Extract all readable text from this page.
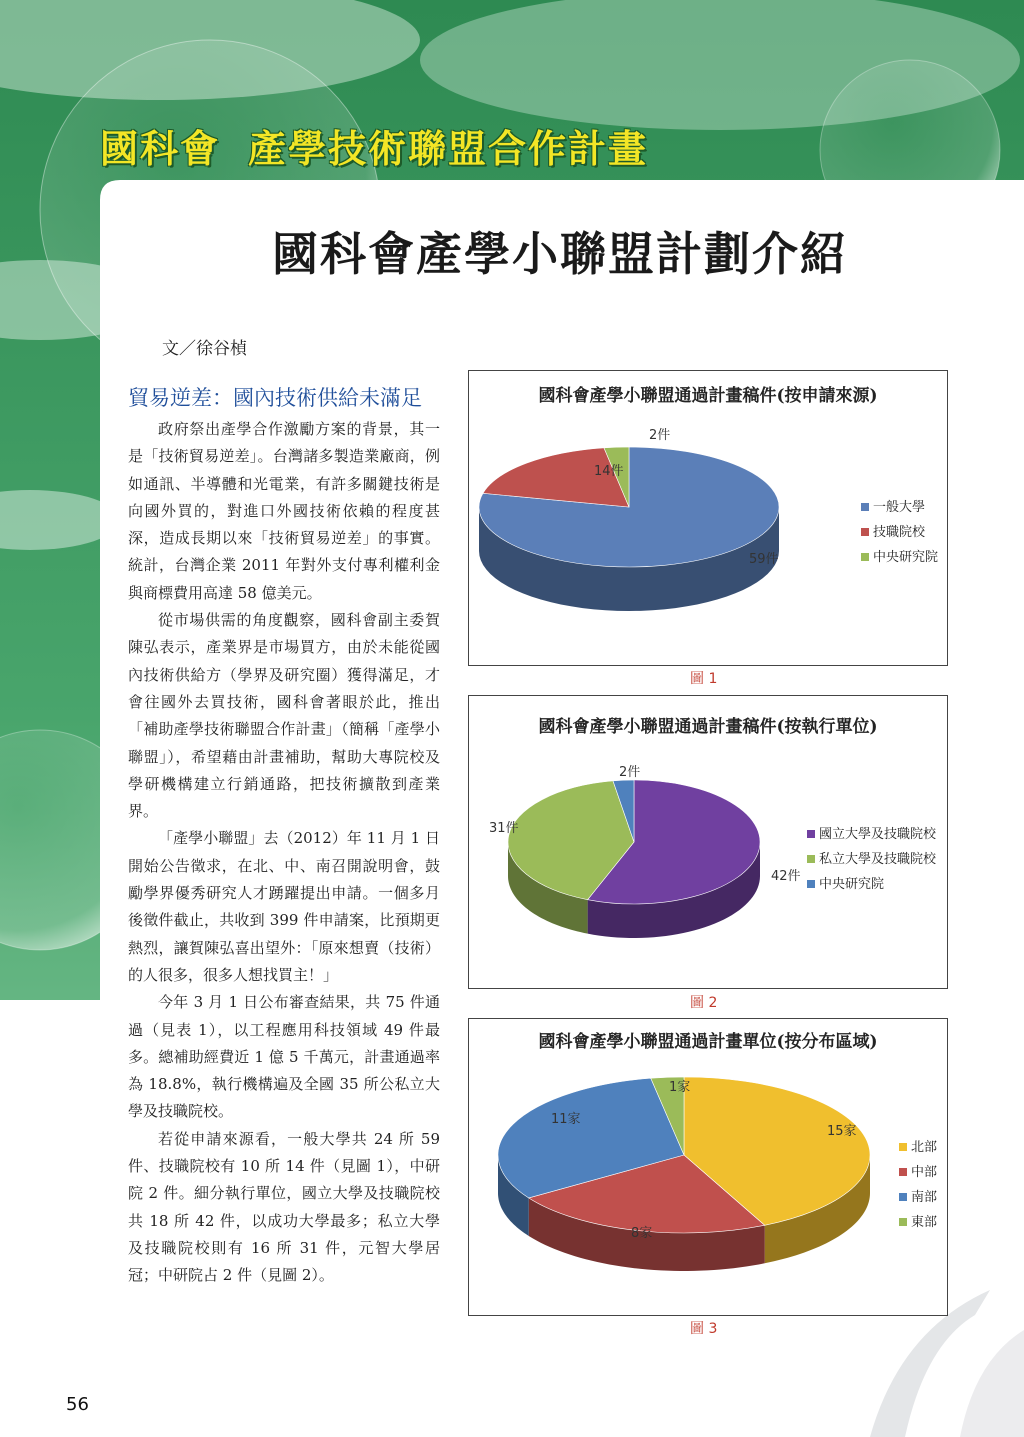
國科會 產學技術聯盟合作計畫
國科會產學小聯盟計劃介紹
文／徐谷楨
貿易逆差：國內技術供給未滿足

政府祭出產學合作激勵方案的背景，其一是「技術貿易逆差」。台灣諸多製造業廠商，例如通訊、半導體和光電業，有許多關鍵技術是向國外買的，對進口外國技術依賴的程度甚深，造成長期以來「技術貿易逆差」的事實。統計，台灣企業 2011 年對外支付專利權利金與商標費用高達 58 億美元。

從市場供需的角度觀察，國科會副主委賀陳弘表示，產業界是市場買方，由於未能從國內技術供給方（學界及研究圈）獲得滿足，才會往國外去買技術，國科會著眼於此，推出「補助產學技術聯盟合作計畫」（簡稱「產學小聯盟」），希望藉由計畫補助，幫助大專院校及學研機構建立行銷通路，把技術擴散到產業界。

「產學小聯盟」去（2012）年 11 月 1 日開始公告徵求，在北、中、南召開說明會，鼓勵學界優秀研究人才踴躍提出申請。一個多月後徵件截止，共收到 399 件申請案，比預期更熱烈，讓賀陳弘喜出望外：「原來想賣（技術）的人很多，很多人想找買主！」

今年 3 月 1 日公布審查結果，共 75 件通過（見表 1），以工程應用科技領域 49 件最多。總補助經費近 1 億 5 千萬元，計畫通過率為 18.8%，執行機構遍及全國 35 所公私立大學及技職院校。

若從申請來源看，一般大學共 24 所 59 件、技職院校有 10 所 14 件（見圖 1），中研院 2 件。細分執行單位，國立大學及技職院校共 18 所 42 件，以成功大學最多；私立大學及技職院校則有 16 所 31 件，元智大學居冠；中研院占 2 件（見圖 2）。

國科會產學小聯盟通過計畫稿件(按申請來源)
59件
14件
2件
一般大學
技職院校
中央研究院
圖 1
國科會產學小聯盟通過計畫稿件(按執行單位)
42件
31件
2件
國立大學及技職院校
私立大學及技職院校
中央研究院
圖 2
國科會產學小聯盟通過計畫單位(按分布區域)
15家
8家
11家
1家
北部
中部
南部
東部
圖 3
56
